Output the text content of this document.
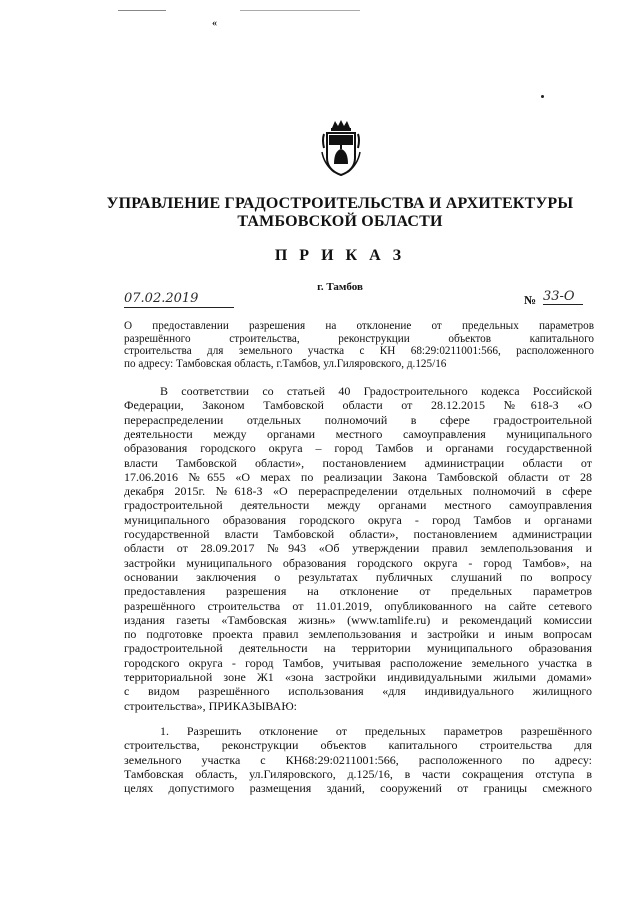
«
УПРАВЛЕНИЕ ГРАДОСТРОИТЕЛЬСТВА И АРХИТЕКТУРЫ
ТАМБОВСКОЙ ОБЛАСТИ
П Р И К А З
г. Тамбов
07.02.2019	№ 33-О
О предоставлении разрешения на отклонение от предельных параметров
разрешённого строительства, реконструкции объектов капитального
строительства для земельного участка с КН 68:29:0211001:566, расположенного
по адресу: Тамбовская область, г.Тамбов, ул.Гиляровского, д.125/16
В соответствии со статьей 40 Градостроительного кодекса Российской
Федерации, Законом Тамбовской области от 28.12.2015 №618-З «О
перераспределении отдельных полномочий в сфере градостроительной
деятельности между органами местного самоуправления муниципального
образования городского округа – город Тамбов и органами государственной
власти Тамбовской области», постановлением администрации области от
17.06.2016 №655 «О мерах по реализации Закона Тамбовской области от 28
декабря 2015г. №618-З «О перераспределении отдельных полномочий в сфере
градостроительной деятельности между органами местного самоуправления
муниципального образования городского округа - город Тамбов и органами
государственной власти Тамбовской области», постановлением администрации
области от 28.09.2017 №943 «Об утверждении правил землепользования и
застройки муниципального образования городского округа - город Тамбов», на
основании заключения о результатах публичных слушаний по вопросу
предоставления разрешения на отклонение от предельных параметров
разрешённого строительства от 11.01.2019, опубликованного на сайте сетевого
издания газеты «Тамбовская жизнь» (www.tamlife.ru) и рекомендаций комиссии
по подготовке проекта правил землепользования и застройки и иным вопросам
градостроительной деятельности на территории муниципального образования
городского округа - город Тамбов, учитывая расположение земельного участка в
территориальной зоне Ж1 «зона застройки индивидуальными жилыми домами»
с видом разрешённого использования «для индивидуального жилищного
строительства», ПРИКАЗЫВАЮ:
1. Разрешить отклонение от предельных параметров разрешённого
строительства, реконструкции объектов капитального строительства для
земельного участка с КН68:29:0211001:566, расположенного по адресу:
Тамбовская область, ул.Гиляровского, д.125/16, в части сокращения отступа в
целях допустимого размещения зданий, сооружений от границы смежного
